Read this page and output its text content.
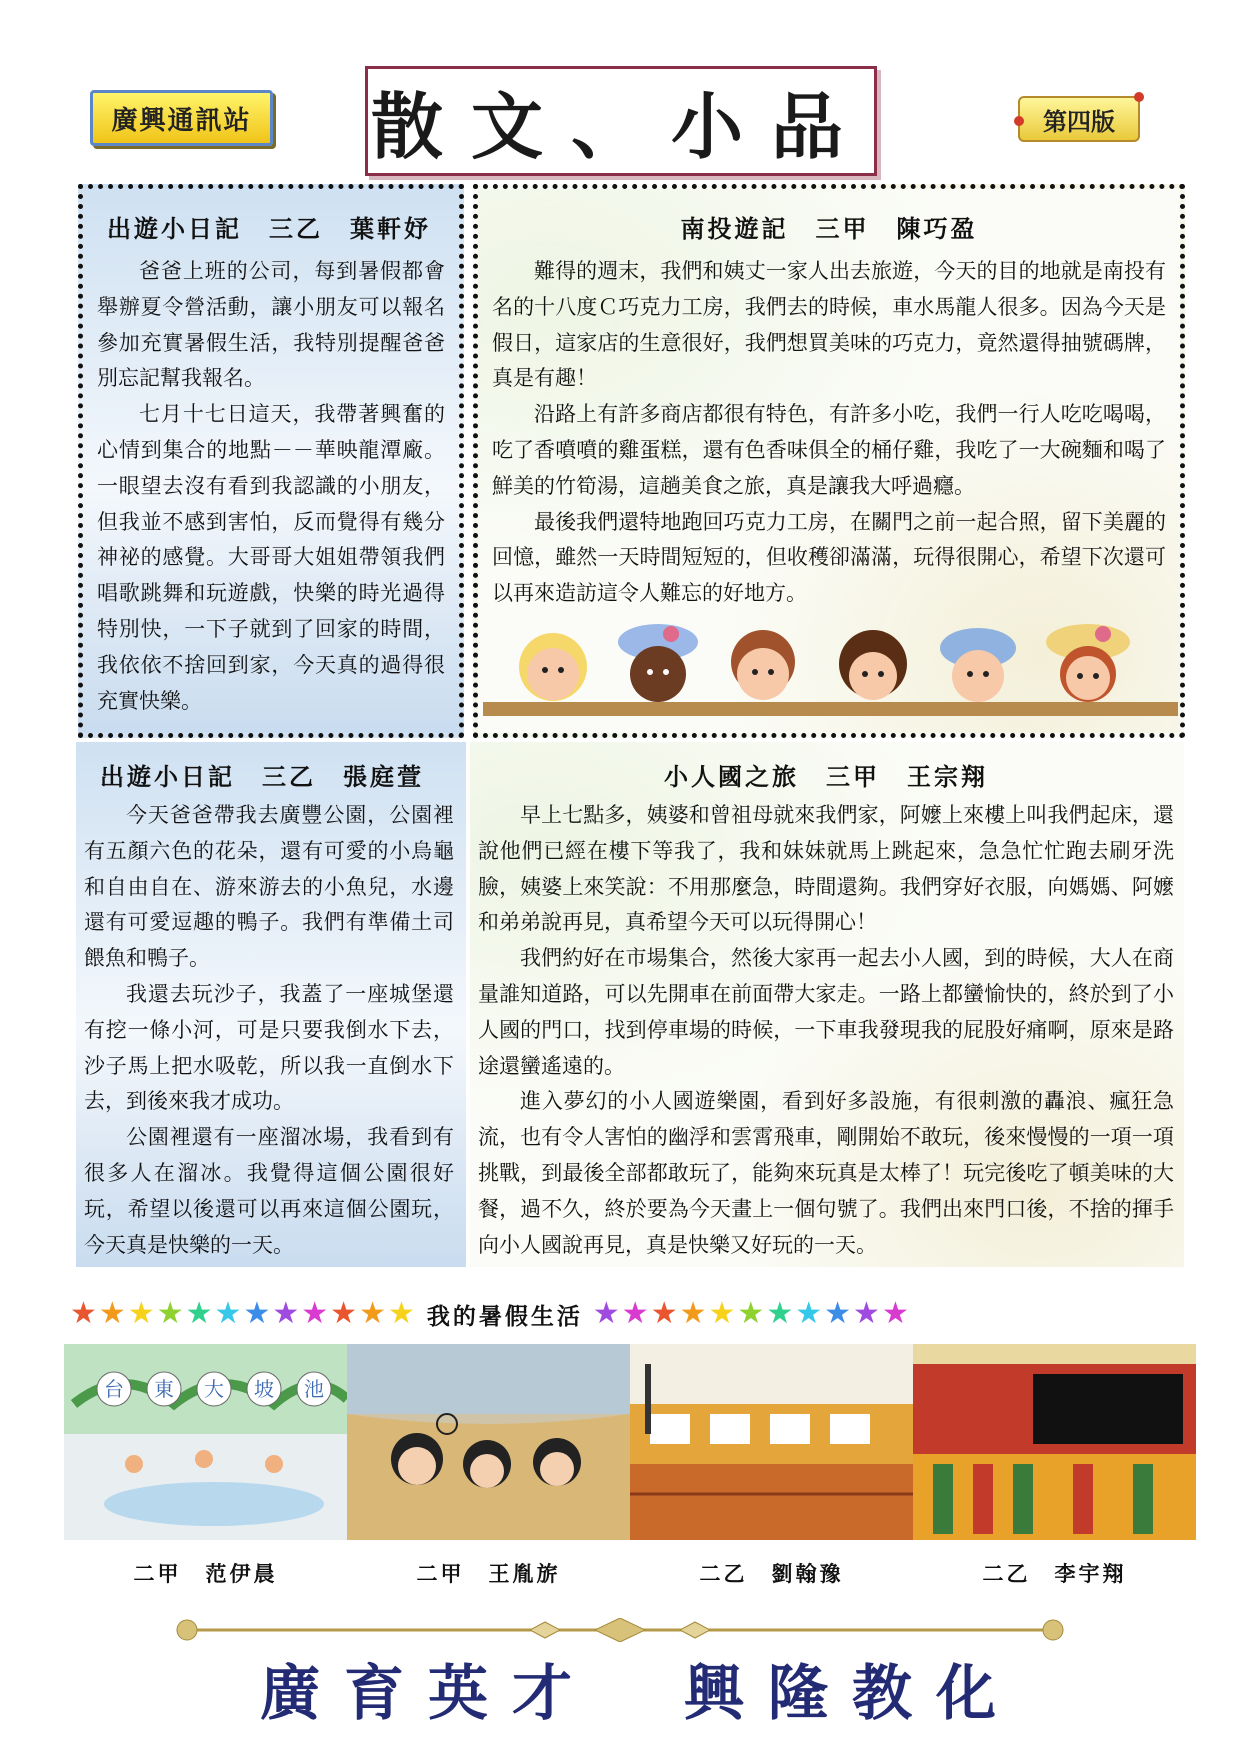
廣興通訊站 散文、小品	第四版
出遊小日記　三乙　葉軒妤

爸爸上班的公司，每到暑假都會舉辦夏令營活動，讓小朋友可以報名參加充實暑假生活，我特別提醒爸爸別忘記幫我報名。

七月十七日這天，我帶著興奮的心情到集合的地點－－華映龍潭廠。一眼望去沒有看到我認識的小朋友，但我並不感到害怕，反而覺得有幾分神祕的感覺。大哥哥大姐姐帶領我們唱歌跳舞和玩遊戲，快樂的時光過得特別快，一下子就到了回家的時間，我依依不捨回到家，今天真的過得很充實快樂。

南投遊記　三甲　陳巧盈

難得的週末，我們和姨丈一家人出去旅遊，今天的目的地就是南投有名的十八度Ｃ巧克力工房，我們去的時候，車水馬龍人很多。因為今天是假日，這家店的生意很好，我們想買美味的巧克力，竟然還得抽號碼牌，真是有趣！

沿路上有許多商店都很有特色，有許多小吃，我們一行人吃吃喝喝，吃了香噴噴的雞蛋糕，還有色香味俱全的桶仔雞，我吃了一大碗麵和喝了鮮美的竹筍湯，這趟美食之旅，真是讓我大呼過癮。

最後我們還特地跑回巧克力工房，在關門之前一起合照，留下美麗的回憶，雖然一天時間短短的，但收穫卻滿滿，玩得很開心，希望下次還可以再來造訪這令人難忘的好地方。

出遊小日記　三乙　張庭萱

今天爸爸帶我去廣豐公園，公園裡有五顏六色的花朵，還有可愛的小烏龜和自由自在、游來游去的小魚兒，水邊還有可愛逗趣的鴨子。我們有準備土司餵魚和鴨子。

我還去玩沙子，我蓋了一座城堡還有挖一條小河，可是只要我倒水下去，沙子馬上把水吸乾，所以我一直倒水下去，到後來我才成功。

公園裡還有一座溜冰場，我看到有很多人在溜冰。我覺得這個公園很好玩，希望以後還可以再來這個公園玩，今天真是快樂的一天。

小人國之旅　三甲　王宗翔

早上七點多，姨婆和曾祖母就來我們家，阿嬤上來樓上叫我們起床，還說他們已經在樓下等我了，我和妹妹就馬上跳起來，急急忙忙跑去刷牙洗臉，姨婆上來笑說：不用那麼急，時間還夠。我們穿好衣服，向媽媽、阿嬤和弟弟說再見，真希望今天可以玩得開心！

我們約好在市場集合，然後大家再一起去小人國，到的時候，大人在商量誰知道路，可以先開車在前面帶大家走。一路上都蠻愉快的，終於到了小人國的門口，找到停車場的時候，一下車我發現我的屁股好痛啊，原來是路途還蠻遙遠的。

進入夢幻的小人國遊樂園，看到好多設施，有很刺激的轟浪、瘋狂急流，也有令人害怕的幽浮和雲霄飛車，剛開始不敢玩，後來慢慢的一項一項挑戰，到最後全部都敢玩了，能夠來玩真是太棒了！玩完後吃了頓美味的大餐，過不久，終於要為今天畫上一個句號了。我們出來門口後，不捨的揮手向小人國說再見，真是快樂又好玩的一天。

★ ★ ★ ★ ★ ★ ★ ★ ★ ★ ★ ★ 我的暑假生活 ★ ★ ★ ★ ★ ★ ★ ★ ★ ★ ★
台 東 大 坡 池
二甲　范伊晨	二甲　王胤旂	二乙　劉翰豫	二乙　李宇翔
廣育英才 興隆教化
